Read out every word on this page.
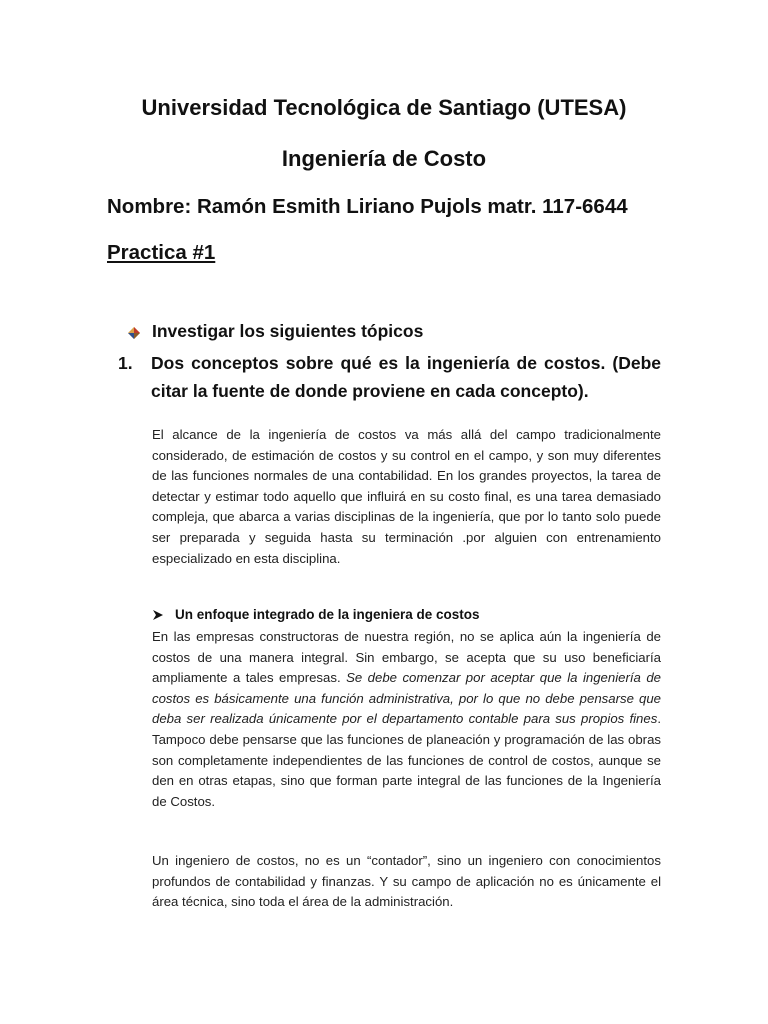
Universidad Tecnológica de Santiago (UTESA)
Ingeniería de Costo
Nombre: Ramón Esmith Liriano Pujols matr. 117-6644
Practica #1
Investigar los siguientes tópicos
1.	Dos conceptos sobre qué es la ingeniería de costos. (Debe citar la fuente de donde proviene en cada concepto).
El alcance de la ingeniería de costos va más allá del campo tradicionalmente considerado, de estimación de costos y su control en el campo, y son muy diferentes de las funciones normales de una contabilidad. En los grandes proyectos, la tarea de detectar y estimar todo aquello que influirá en su costo final, es una tarea demasiado compleja, que abarca a varias disciplinas de la ingeniería, que por lo tanto solo puede ser preparada y seguida hasta su terminación .por alguien con entrenamiento especializado en esta disciplina.
Un enfoque integrado de la ingeniera de costos
En las empresas constructoras de nuestra región, no se aplica aún la ingeniería de costos de una manera integral. Sin embargo, se acepta que su uso beneficiaría ampliamente a tales empresas. Se debe comenzar por aceptar que la ingeniería de costos es básicamente una función administrativa, por lo que no debe pensarse que deba ser realizada únicamente por el departamento contable para sus propios fines. Tampoco debe pensarse que las funciones de planeación y programación de las obras son completamente independientes de las funciones de control de costos, aunque se den en otras etapas, sino que forman parte integral de las funciones de la Ingeniería de Costos.
Un ingeniero de costos, no es un “contador”, sino un ingeniero con conocimientos profundos de contabilidad y finanzas. Y su campo de aplicación no es únicamente el área técnica, sino toda el área de la administración.
